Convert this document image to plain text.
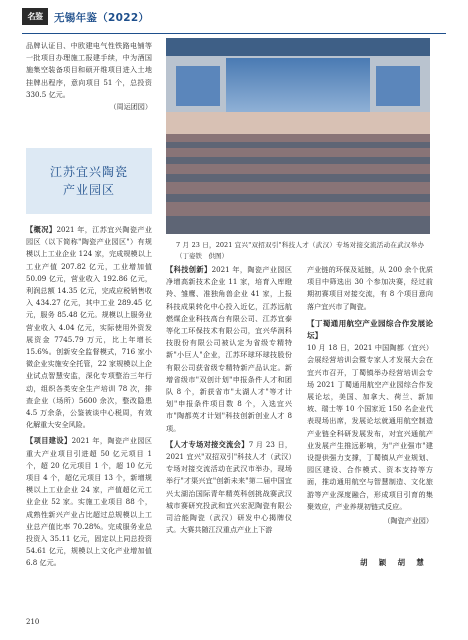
名鉴	无锡年鉴（2022）

品牌认证目、中欧建电气性铁路电铺等一批项目办理施工报建手续，中为酒国施集空装备项目和硕开维项目进入土地挂牌出程序，意向项目 51 个，总投资 330.5 亿元。

（周运团园）

江苏宜兴陶瓷
产业园区

【概况】2021 年，江苏宜兴陶瓷产业园区（以下简称"陶瓷产业园区"）有规模以上工业企业 124 家，完成规模以上工业产值 207.82 亿元，工业增加值 50.09 亿元，营业收入 192.86 亿元，利润总额 14.35 亿元，完成应税销售收入 434.27 亿元，其中工业 289.45 亿元，服务 85.48 亿元。规模以上服务业营业收入 4.04 亿元，实际使用外资发展资金 7745.79 万元，比上年增长 15.6%。创新安全监督模式，716 家小微企业实施安全托管，22 家规模以上企业试点智慧安监，深化专项整治三年行动，组织各类安全生产培训 78 次，排查企业（场所）5600 余次，整改隐患 4.5 万余条，公鉴被谈中心税周，有效化解重大安全风险。

【项目建设】2021 年，陶瓷产业园区重大产业项目引进超 50 亿元项目 1 个，超 20 亿元项目 1 个，超 10 亿元项目 4 个，超亿元项目 13 个，新增规模以上工业企业 24 家，产值超亿元工业企业 52 家。实施工业项目 88 个，成熟性新兴产业占比超过总规模以上工业总产值比率 70.28%。完成服务业总投资入 35.11 亿元，固定以上同总投资 54.61 亿元，规模以上文化产业增加值 6.8 亿元。

7 月 23 日，2021 宜兴"双招双引"科技人才（武汉）专场对接交流活动在武汉举办　（丁姿铁　供图）

【科技创新】2021 年，陶瓷产业园区净增高新技术企业 11 家，培育入库瞪羚、雏鹰、准独角兽企业 41 家，上报科技成果转化中心投入近亿，江苏远航燃煤企业科技高台有限公司、江苏宜泰等化工环保技术有限公司，宜兴华润科技股份有限公司被认定为省级专精特新"小巨人"企业，江苏环球环球技股份有限公司获省级专精特新产品认定。新增省级市"双创计划"申报条件人才和团队 8 个，新获省市"太湖人才"等才计划"申报条件项目数 8 个，入选宜兴市"陶都英才计划"科技创新创业人才 8 项。

【人才专场对接交流会】7 月 23 日，2021 宜兴"双招双引"科技人才（武汉）专场对接交流活动在武汉市举办，现场举行"才渠兴宜"创新未来"第二届中国宜兴太湖治国际青年精英科创挑战赛武汉城市赛研究投武和宜兴宏泥陶瓷有限公司洽能陶瓷（武汉）研发中心揭牌仪式。大赛共随江汉重点产业上下游

产业链的环保及延链，从 200 余个优质项目中筛选出 30 个参加决赛，经过前期初赛项目对接交流，有 8 个项目意向落户宜兴市了陶瓷。

【丁蜀通用航空产业园综合作发展论坛】

10 月 18 日，2021 中国陶都（宜兴）会展经营培训会暨专家人才发展大会在宜兴市召开，丁蜀镇举办经营培训会专场 2021 丁蜀通用航空产业园综合作发展论坛，美国、加拿大、荷兰、新加坡、瑞士等 10 个国家近 150 名企业代表现场出席，发展论坛就通用航空制造产业链全科研发展发布，对宜兴通航产业发展产生推远影响，为"产业强市"建设提供强力支撑，丁蜀镇从产业规划、园区建设、合作模式、资本支持等方面，推动通用航空与智慧制造、文化旅游等产业深度融合，形成项目引育的集聚效应，产业养规初链式反应。

（陶瓷产业园）

胡　颖　胡　慧
210
